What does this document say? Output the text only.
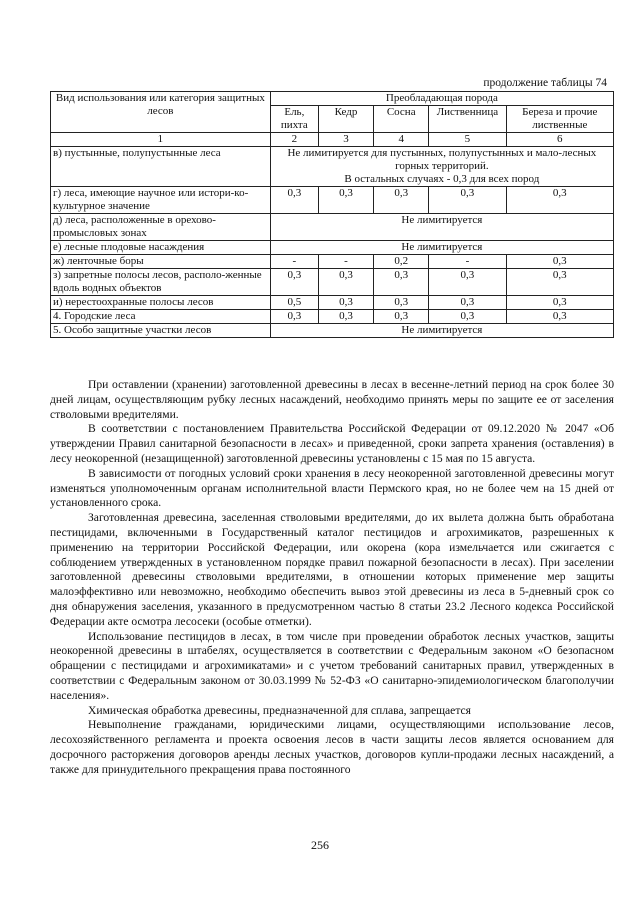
продолжение таблицы 74
Вид использования или категория защитных лесов	Преобладающая порода				
	Ель, пихта	Кедр	Сосна	Лиственница	Береза и прочие лиственные
1	2	3	4	5	6
в) пустынные, полупустынные леса	Не лимитируется для пустынных, полупустынных и мало-лесных горных территорий.
В остальных случаях - 0,3 для всех пород				

г) леса, имеющие научное или истори-ко-культурное значение	0,3	0,3	0,3	0,3	0,3
д) леса, расположенные в орехово-промысловых зонах	Не лимитируется				
е) лесные плодовые насаждения	Не лимитируется				
ж) ленточные боры	-	-	0,2	-	0,3
з) запретные полосы лесов, располо-женные вдоль водных объектов	0,3	0,3	0,3	0,3	0,3
и) нерестоохранные полосы лесов	0,5	0,3	0,3	0,3	0,3
4. Городские леса	0,3	0,3	0,3	0,3	0,3
5. Особо защитные участки лесов	Не лимитируется				

При оставлении (хранении) заготовленной древесины в лесах в весенне-летний период на срок более 30 дней лицам, осуществляющим рубку лесных насаждений, необходимо принять меры по защите ее от заселения стволовыми вредителями.

В соответствии с постановлением Правительства Российской Федерации от 09.12.2020 № 2047 «Об утверждении Правил санитарной безопасности в лесах» и приведенной, сроки запрета хранения (оставления) в лесу неокоренной (незащищенной) заготовленной древесины установлены с 15 мая по 15 августа.

В зависимости от погодных условий сроки хранения в лесу неокоренной заготовленной древесины могут изменяться уполномоченным органам исполнительной власти Пермского края, но не более чем на 15 дней от установленного срока.

Заготовленная древесина, заселенная стволовыми вредителями, до их вылета должна быть обработана пестицидами, включенными в Государственный каталог пестицидов и агрохимикатов, разрешенных к применению на территории Российской Федерации, или окорена (кора измельчается или сжигается с соблюдением утвержденных в установленном порядке правил пожарной безопасности в лесах). При заселении заготовленной древесины стволовыми вредителями, в отношении которых применение мер защиты малоэффективно или невозможно, необходимо обеспечить вывоз этой древесины из леса в 5-дневный срок со дня обнаружения заселения, указанного в предусмотренном частью 8 статьи 23.2 Лесного кодекса Российской Федерации акте осмотра лесосеки (особые отметки).

Использование пестицидов в лесах, в том числе при проведении обработок лесных участков, защиты неокоренной древесины в штабелях, осуществляется в соответствии с Федеральным законом «О безопасном обращении с пестицидами и агрохимикатами» и с учетом требований санитарных правил, утвержденных в соответствии с Федеральным законом от 30.03.1999 № 52-ФЗ «О санитарно-эпидемиологическом благополучии населения».

Химическая обработка древесины, предназначенной для сплава, запрещается

Невыполнение гражданами, юридическими лицами, осуществляющими использование лесов, лесохозяйственного регламента и проекта освоения лесов в части защиты лесов является основанием для досрочного расторжения договоров аренды лесных участков, договоров купли-продажи лесных насаждений, а также для принудительного прекращения права постоянного

256
